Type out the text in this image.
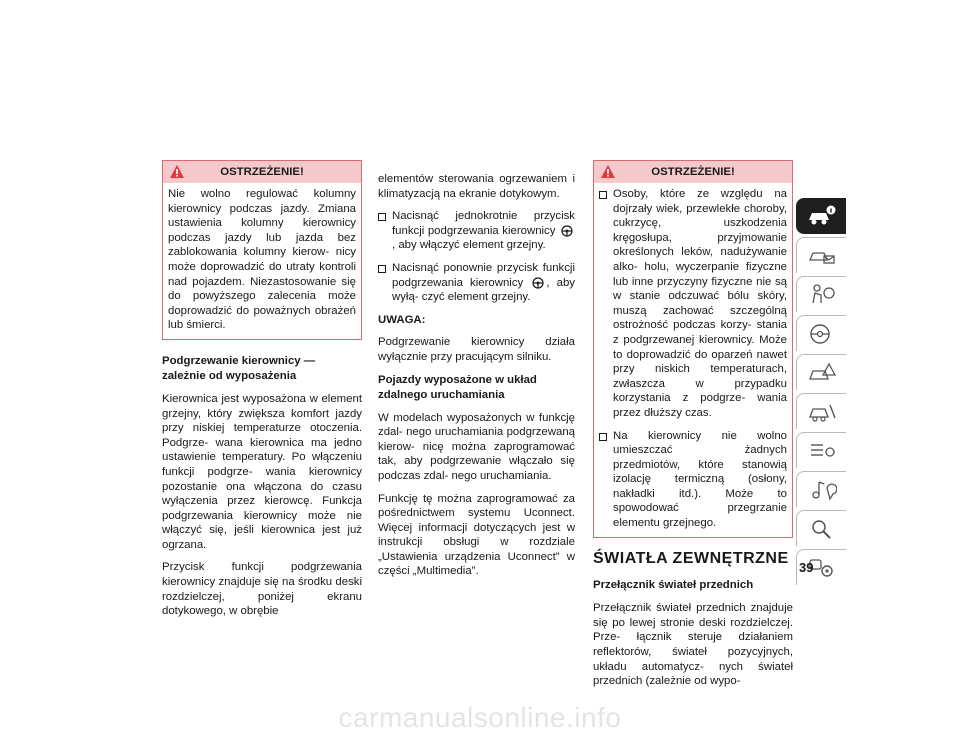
OSTRZEŻENIE!

Nie wolno regulować kolumny kierownicy podczas jazdy. Zmiana ustawienia kolumny kierownicy podczas jazdy lub jazda bez zablokowania kolumny kierow- nicy może doprowadzić do utraty kontroli nad pojazdem. Niezastosowanie się do powyższego zalecenia może doprowadzić do poważnych obrażeń lub śmierci.

Podgrzewanie kierownicy — zależnie od wyposażenia

Kierownica jest wyposażona w element grzejny, który zwiększa komfort jazdy przy niskiej temperaturze otoczenia. Podgrze- wana kierownica ma jedno ustawienie temperatury. Po włączeniu funkcji podgrze- wania kierownicy pozostanie ona włączona do czasu wyłączenia przez kierowcę. Funkcja podgrzewania kierownicy może nie włączyć się, jeśli kierownica jest już ogrzana.

Przycisk funkcji podgrzewania kierownicy znajduje się na środku deski rozdzielczej, poniżej ekranu dotykowego, w obrębie

elementów sterowania ogrzewaniem i klimatyzacją na ekranie dotykowym.

Nacisnąć jednokrotnie przycisk funkcji podgrzewania kierownicy , aby włączyć element grzejny.
Nacisnąć ponownie przycisk funkcji podgrzewania kierownicy , aby wyłą- czyć element grzejny.

UWAGA:

Podgrzewanie kierownicy działa wyłącznie przy pracującym silniku.

Pojazdy wyposażone w układ zdalnego uruchamiania

W modelach wyposażonych w funkcję zdal- nego uruchamiania podgrzewaną kierow- nicę można zaprogramować tak, aby podgrzewanie włączało się podczas zdal- nego uruchamiania.

Funkcję tę można zaprogramować za pośrednictwem systemu Uconnect. Więcej informacji dotyczących jest w instrukcji obsługi w rozdziale „Ustawienia urządzenia Uconnect” w części „Multimedia”.

OSTRZEŻENIE!
Osoby, które ze względu na dojrzały wiek, przewlekłe choroby, cukrzycę, uszkodzenia kręgosłupa, przyjmowanie określonych leków, nadużywanie alko- holu, wyczerpanie fizyczne lub inne przyczyny fizyczne nie są w stanie odczuwać bólu skóry, muszą zachować szczególną ostrożność podczas korzy- stania z podgrzewanej kierownicy. Może to doprowadzić do oparzeń nawet przy niskich temperaturach, zwłaszcza w przypadku korzystania z podgrze- wania przez dłuższy czas.
Na kierownicy nie wolno umieszczać żadnych przedmiotów, które stanowią izolację termiczną (osłony, nakładki itd.). Może to spowodować przegrzanie elementu grzejnego.
ŚWIATŁA ZEWNĘTRZNE
Przełącznik świateł przednich

Przełącznik świateł przednich znajduje się po lewej stronie deski rozdzielczej. Prze- łącznik steruje działaniem reflektorów, świateł pozycyjnych, układu automatycz- nych świateł przednich (zależnie od wypo-

39
carmanualsonline.info
